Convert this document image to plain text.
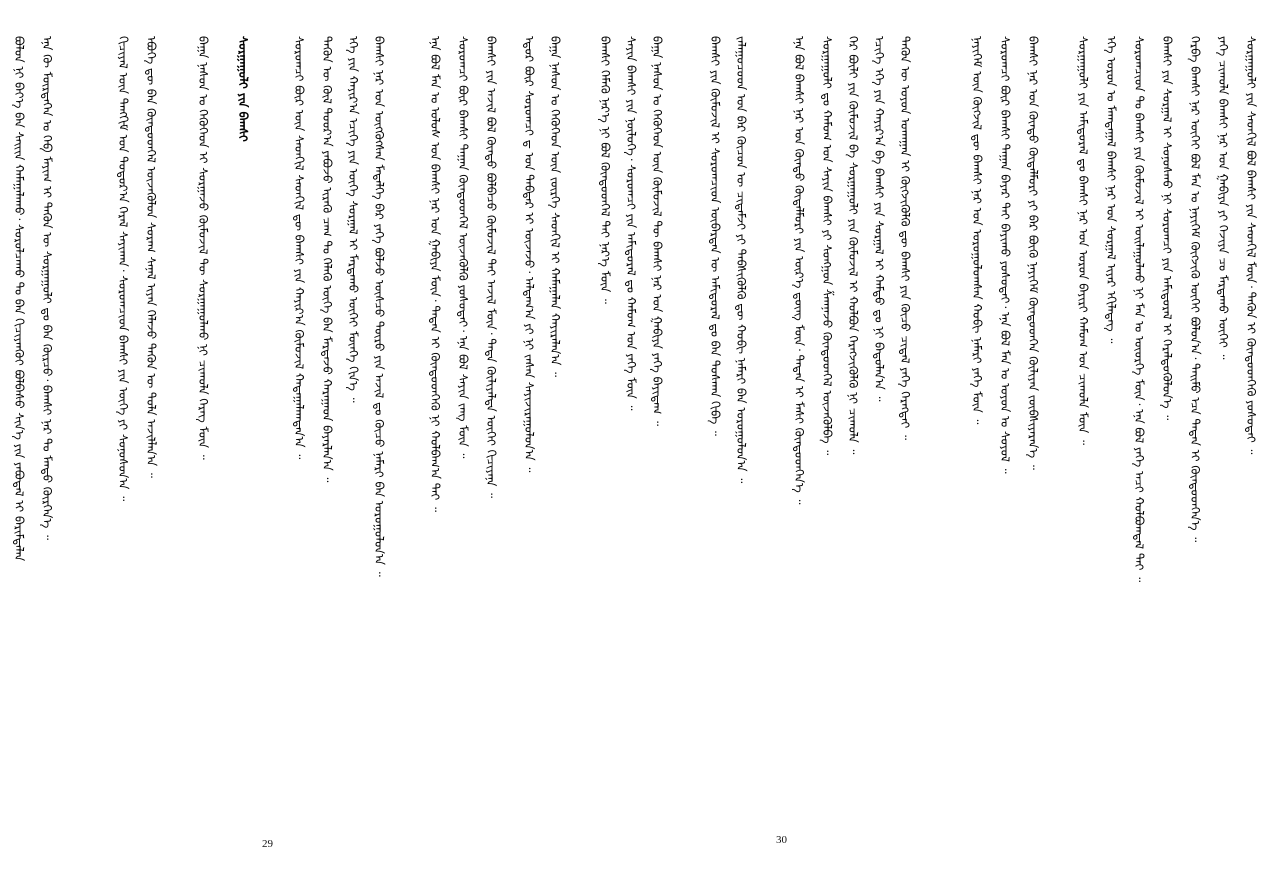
ᠪᠣᠯᠤᠨ ᠨᠢ ᠪᠡᠶ᠎ᠡ ᠪᠡᠨ ᠰᠠᠢᠢᠨ ᠬᠠᠮᠠᠭᠠᠯᠠᠬᠤ᠂ ᠰᠤᠷᠤᠯᠴᠠᠬᠤ ᠲᠤ ᠪᠠᠨ ᠬᠢᠴᠢᠶᠡᠨᠭᠦᠢ ᠪᠣᠯᠪᠠᠰᠤ ᠰᠢᠨ᠎ᠡ ᠶᠢᠨ ᠶᠠᠪᠤᠳᠠᠯ ᠢ ᠪᠠᠷᠢᠮᠲᠠᠯᠠᠨ ᠡᠨᠡ ᠬᠦ ᠮᠦᠷᠲᠡᠭᠡᠨ ᠤ ᠬᠡᠪ ᠮᠠᠶᠢᠭ ᠢ ᠲᠡᠭᠦᠨ ᠦ ᠰᠤᠷᠭᠠᠭᠤᠯᠢ ᠳᠤ ᠪᠠᠨ ᠬᠦᠷᠴᠦ᠂ ᠪᠠᠭᠰᠢ ᠨᠠᠷ ᠲᠤ ᠮᠡᠨᠳᠦ ᠬᠦᠷᠭᠡᠨ᠎ᠡ ᠃	ᠬᠢᠴᠢᠶᠡᠯ ᠦᠨ ᠲᠠᠩᠬᠢᠮ ᠤᠨ ᠳᠣᠳᠣᠷ᠎ᠠ ᠭᠡᠷᠡᠯ ᠰᠠᠶᠢᠬᠠᠨ᠂ ᠰᠤᠷᠤᠭᠴᠢᠳ ᠪᠠᠭᠰᠢ ᠶᠢᠨ ᠦᠭᠡ ᠶᠢ ᠰᠣᠨᠤᠰᠤᠨ᠎ᠠ ᠃ ᠡᠪᠦᠭᠡ ᠳᠦ ᠪᠠᠨ ᠬᠦᠨᠳᠦᠳᠬᠡᠯ ᠦᠵᠡᠭᠦᠯᠦᠨ ᠰᠤᠷᠠᠭ ᠰᠠᠨᠠᠯ ᠢᠶᠠᠨ ᠬᠡᠯᠡᠵᠦ ᠲᠡᠭᠦᠨ ᠦ ᠲᠤᠯᠠ ᠠᠵᠢᠯᠯᠠᠨ᠎ᠠ ᠃	ᠪᠠᠭᠠ ᠨᠠᠰᠤᠨ ᠤ ᠬᠡᠭᠦᠬᠡᠳ ᠢ ᠰᠤᠷᠭᠠᠵᠤ ᠬᠦᠮᠦᠵᠢᠯ ᠲᠦ ᠰᠤᠷᠭᠠᠭᠤᠯᠬᠤ ᠨᠢ ᠴᠢᠬᠤᠯᠠ ᠬᠡᠷᠡᠭ ᠮᠥᠨ ᠃ ᠰᠤᠷᠭᠠᠭᠤᠯᠢ ᠶᠢᠨ ᠪᠠᠭᠰᠢ	ᠰᠤᠷᠤᠭᠴᠢ ᠪᠦᠷ ᠦᠨ ᠰᠡᠳᠬᠢᠯ ᠰᠡᠳᠬᠢᠯ ᠳᠦ ᠪᠠᠭᠰᠢ ᠶᠢᠨ ᠬᠠᠶᠢᠷ᠎ᠠ ᠬᠦᠮᠦᠵᠢᠯ ᠬᠠᠳᠠᠭᠠᠯᠠᠭᠳᠠᠨ᠎ᠠ ᠃ ᠲᠡᠭᠦᠨ ᠦ ᠬᠥᠯ ᠳᠣᠣᠷ᠎ᠠ ᠶᠠᠪᠤᠵᠤ ᠢᠷᠡᠬᠦ ᠴᠠᠭ ᠲᠤ ᠬᠡᠯᠡᠬᠦ ᠦᠭᠡ ᠪᠠᠨ ᠮᠠᠷᠲᠠᠵᠤ ᠬᠠᠷᠠᠭᠠᠳ ᠪᠠᠶᠠᠷᠯᠠᠨ᠎ᠠ ᠃ ᠡᠬᠡ ᠶᠢᠨ ᠬᠠᠶᠢᠷ᠎ᠠ ᠡᠴᠢᠭᠡ ᠶᠢᠨ ᠦᠭᠡ ᠰᠤᠷᠭᠠᠯ ᠢ ᠮᠠᠷᠲᠠᠬᠤ ᠦᠭᠡᠢ ᠮᠥᠨᠬᠡ ᠬᠢᠨ᠎ᠡ ᠃ ᠪᠠᠭᠰᠢ ᠨᠠᠷ ᠤᠨ ᠥᠭᠭᠦᠭᠰᠡᠨ ᠮᠡᠳᠡᠯᠭᠡ ᠪᠠᠷ ᠶᠡᠬᠡ ᠪᠣᠯᠵᠤ ᠥᠰᠴᠦ ᠲᠥᠷᠦ ᠶᠢᠨ ᠠᠵᠢᠯ ᠳᠤ ᠬᠦᠴᠦ ᠨᠡᠮᠡᠷᠢ ᠪᠡᠨ ᠣᠷᠣᠭᠤᠯᠤᠨ᠎ᠠ ᠃	ᠡᠨᠡ ᠪᠣᠯ ᠮᠠᠨ ᠤ ᠤᠯᠤᠰ ᠤᠨ ᠪᠠᠭᠰᠢ ᠨᠠᠷ ᠤᠨ ᠭᠠᠪᠢᠶᠠ ᠮᠥᠨ᠂ ᠲᠡᠳᠡᠨ ᠢ ᠬᠦᠨᠳᠦᠳᠬᠡᠬᠦ ᠨᠢ ᠬᠣᠯᠪᠠᠭ᠎ᠠ ᠲᠠᠢ ᠃ ᠰᠤᠷᠤᠭᠴᠢ ᠪᠦᠷ ᠪᠠᠭᠰᠢ ᠳᠠᠭᠠᠨ ᠬᠦᠨᠳᠦᠳᠬᠡᠯ ᠦᠵᠡᠭᠦᠯᠬᠦ ᠶᠣᠰᠤᠲᠠᠢ᠂ ᠡᠨᠡ ᠪᠣᠯ ᠰᠠᠶᠢᠨ ᠵᠠᠩ ᠮᠥᠨ ᠃ ᠪᠠᠭᠰᠢ ᠶᠢᠨ ᠠᠵᠢᠯ ᠪᠣᠯ ᠬᠦᠨᠳᠦ ᠪᠣᠯᠪᠠᠴᠤ ᠬᠦᠮᠦᠵᠢᠯ ᠲᠡᠢ ᠠᠵᠢᠯ ᠮᠥᠨ᠂ ᠲᠡᠳᠡ ᠬᠦᠯᠢᠶᠡᠯᠲᠡ ᠦᠭᠡᠢ ᠬᠢᠴᠢᠶᠡᠨᠡ ᠃ ᠡᠳᠦᠷ ᠪᠦᠷ ᠰᠤᠷᠤᠭᠴᠢ ᠳ ᠤᠨ ᠳᠡᠪᠲᠡᠷ ᠢ ᠦᠵᠡᠵᠦ᠂ ᠠᠯᠳᠠᠭ᠎ᠠ ᠶᠢ ᠨᠢ ᠵᠠᠰᠠᠨ ᠰᠠᠶᠢᠵᠢᠷᠠᠭᠤᠯᠤᠨ᠎ᠠ ᠃ ᠪᠠᠭᠠ ᠨᠠᠰᠤᠨ ᠤ ᠬᠡᠭᠦᠬᠡᠳ ᠦᠨ ᠵᠦᠷᠭᠡ ᠰᠡᠳᠬᠢᠯ ᠢ ᠬᠠᠮᠠᠭᠠᠯᠠᠨ ᠬᠠᠶᠢᠷᠠᠯᠠᠨ᠎ᠠ ᠃	ᠪᠠᠭᠰᠢ ᠬᠡᠮᠡᠬᠦ ᠨᠡᠷ᠎ᠡ ᠨᠢ ᠪᠣᠯ ᠬᠦᠨᠳᠦᠳᠬᠡᠯ ᠲᠡᠢ ᠨᠡᠷ᠎ᠡ ᠮᠥᠨ ᠃ ᠰᠠᠶᠢᠨ ᠪᠠᠭᠰᠢ ᠶᠢᠨ ᠨᠥᠯᠦᠭᠡ᠂ ᠰᠤᠷᠤᠭᠴᠢ ᠶᠢᠨ ᠠᠮᠢᠳᠤᠷᠠᠯ ᠳᠤ ᠬᠠᠮᠤᠭ ᠤᠨ ᠶᠡᠬᠡ ᠮᠥᠨ ᠃
29
ᠪᠠᠭᠠ ᠨᠠᠰᠤᠨ ᠤ ᠬᠡᠭᠦᠬᠡᠳ ᠦᠨ ᠬᠦᠮᠦᠵᠢᠯ ᠲᠦ ᠪᠠᠭᠰᠢ ᠨᠠᠷ ᠤᠨ ᠭᠠᠪᠢᠶᠠ ᠶᠡᠬᠡ ᠪᠠᠶᠢᠳᠠᠭ ᠃	ᠪᠠᠭᠰᠢ ᠶᠢᠨ ᠬᠦᠮᠦᠵᠢᠯ ᠢ ᠰᠤᠷᠤᠭᠴᠢᠳ ᠥᠪᠡᠷᠲᠡᠨ ᠦ ᠠᠮᠢᠳᠤᠷᠠᠯ ᠳᠤ ᠪᠠᠨ ᠲᠤᠰᠬᠠᠨ ᠬᠢᠪᠡ ᠃ ᠵᠠᠯᠠᠭᠤᠴᠤᠳ ᠤᠨ ᠪᠠᠷ ᠬᠦᠴᠦᠨ ᠦ ᠴᠢᠳᠠᠮᠵᠢ ᠶᠢ ᠳᠡᠪᠰᠢᠭᠦᠯᠬᠦ ᠳᠦ ᠬᠤᠪᠢ ᠨᠡᠮᠡᠷᠢ ᠪᠡᠨ ᠣᠷᠣᠭᠤᠯᠤᠨ᠎ᠠ ᠃	ᠡᠨᠡ ᠪᠣᠯ ᠪᠠᠭᠰᠢ ᠨᠠᠷ ᠤᠨ ᠬᠦᠨᠳᠦ ᠬᠥᠳᠡᠯᠮᠦᠷᠢ ᠶᠢᠨ ᠦᠷ᠎ᠡ ᠳ᠋ᠦᠩ ᠮᠥᠨ᠂ ᠲᠡᠳᠡᠨ ᠢ ᠮᠠᠰᠢ ᠬᠦᠨᠳᠦᠳᠬᠡᠨ᠎ᠡ ᠃ ᠰᠤᠷᠭᠠᠭᠤᠯᠢ ᠳᠤ ᠬᠠᠮᠤᠭ ᠤᠨ ᠰᠠᠶᠢᠨ ᠪᠠᠭᠰᠢ ᠶᠢ ᠰᠣᠩᠭᠤᠨ ᠱᠠᠭᠨᠠᠵᠤ ᠬᠦᠨᠳᠦᠳᠬᠡᠯ ᠦᠵᠡᠭᠦᠯᠪᠡ ᠃ ᠭᠡᠷ ᠪᠦᠯᠢ ᠶᠢᠨ ᠬᠦᠮᠦᠵᠢᠯ ᠪᠠ ᠰᠤᠷᠭᠠᠭᠤᠯᠢ ᠶᠢᠨ ᠬᠦᠮᠦᠵᠢᠯ ᠢ ᠬᠣᠯᠪᠣᠨ ᠬᠡᠷᠡᠭᠵᠢᠭᠦᠯᠬᠦ ᠨᠢ ᠴᠢᠬᠤᠯᠠ ᠃ ᠡᠴᠢᠭᠡ ᠡᠬᠡ ᠶᠢᠨ ᠬᠠᠶᠢᠷ᠎ᠠ ᠪᠠ ᠪᠠᠭᠰᠢ ᠶᠢᠨ ᠰᠤᠷᠭᠠᠯ ᠢ ᠬᠠᠮᠲᠤ ᠳᠤ ᠨᠢ ᠪᠠᠲᠤᠯᠠᠨ᠎ᠠ ᠃ ᠲᠡᠭᠦᠨ ᠦ ᠣᠶᠤᠨ ᠤᠬᠠᠭᠠᠨ ᠢ ᠬᠥᠭᠵᠢᠭᠦᠯᠬᠦ ᠳᠦ ᠪᠠᠭᠰᠢ ᠶᠢᠨ ᠬᠦᠴᠦ ᠴᠢᠳᠠᠯ ᠶᠡᠬᠡ ᠬᠡᠷᠡᠭᠲᠡᠢ ᠃	ᠨᠡᠶᠢᠭᠡᠮ ᠦᠨ ᠬᠥᠭᠵᠢᠯ ᠳᠦ ᠪᠠᠭᠰᠢ ᠨᠠᠷ ᠤᠨ ᠣᠷᠣᠭᠤᠯᠤᠭᠰᠠᠨ ᠬᠤᠪᠢ ᠨᠡᠮᠡᠷᠢ ᠶᠡᠬᠡ ᠮᠥᠨ ᠃ ᠰᠤᠷᠤᠭᠴᠢ ᠪᠦᠷ ᠪᠠᠭᠰᠢ ᠳᠠᠭᠠᠨ ᠪᠠᠶᠠᠷ ᠲᠡᠢ ᠪᠠᠶᠢᠬᠤ ᠶᠣᠰᠤᠲᠠᠢ᠂ ᠡᠨᠡ ᠪᠣᠯ ᠮᠠᠨ ᠤ ᠣᠶᠤᠨ ᠤ ᠰᠣᠶᠣᠯ ᠃ ᠪᠠᠭᠰᠢ ᠨᠠᠷ ᠤᠨ ᠬᠦᠨᠳᠦ ᠬᠥᠳᠡᠯᠮᠦᠷᠢ ᠶᠢ ᠪᠠᠷ ᠪᠥᠬᠦ ᠨᠡᠶᠢᠭᠡᠮ ᠬᠦᠨᠳᠦᠳᠬᠡᠨ ᠬᠦᠯᠢᠶᠡᠨ ᠵᠥᠪᠰᠢᠶᠡᠷᠡᠨ᠎ᠡ ᠃	ᠰᠤᠷᠭᠠᠭᠤᠯᠢ ᠶᠢᠨ ᠠᠮᠢᠳᠤᠷᠠᠯ ᠳᠤ ᠪᠠᠭᠰᠢ ᠨᠠᠷ ᠤᠨ ᠣᠷᠣᠨ ᠪᠠᠶᠢᠷᠢ ᠬᠠᠮᠤᠭ ᠤᠨ ᠴᠢᠬᠤᠯᠠ ᠮᠥᠨ ᠃ ᠡᠬᠡ ᠣᠷᠣᠨ ᠤ ᠮᠠᠭᠲᠠᠭᠠᠯ ᠪᠠᠭᠰᠢ ᠨᠠᠷ ᠤᠨ ᠰᠤᠷᠭᠠᠯ ᠢᠶᠠᠷ ᠡᠬᠢᠯᠡᠳᠡᠭ ᠃ ᠰᠤᠷᠤᠭᠴᠢᠳ ᠲᠤ ᠪᠠᠭᠰᠢ ᠶᠢᠨ ᠬᠦᠮᠦᠵᠢᠯ ᠢ ᠣᠢᠯᠠᠭᠤᠯᠬᠤ ᠨᠢ ᠮᠠᠨ ᠤ ᠦᠦᠷᠭᠡ ᠮᠥᠨ᠂ ᠡᠨᠡ ᠪᠣᠯ ᠶᠡᠬᠡ ᠠᠴᠢ ᠬᠣᠯᠪᠣᠭᠳᠠᠯ ᠲᠠᠢ ᠃ ᠪᠠᠭᠰᠢ ᠶᠢᠨ ᠰᠤᠷᠭᠠᠯ ᠢ ᠰᠣᠨᠤᠰᠬᠤ ᠨᠢ ᠰᠤᠷᠤᠭᠴᠢ ᠶᠢᠨ ᠠᠮᠢᠳᠤᠷᠠᠯ ᠢ ᠭᠡᠷᠡᠯᠲᠦᠭᠦᠯᠦᠨ᠎ᠡ ᠃ ᠬᠡᠷᠪᠡ ᠪᠠᠭᠰᠢ ᠨᠠᠷ ᠦᠭᠡᠢ ᠪᠣᠯ ᠮᠠᠨ ᠤ ᠨᠡᠶᠢᠭᠡᠮ ᠬᠥᠭᠵᠢᠬᠦ ᠦᠭᠡᠢ ᠪᠣᠯᠤᠨ᠎ᠠ᠂ ᠲᠡᠢᠮᠦ ᠡᠴᠡ ᠲᠡᠳᠡᠨ ᠢ ᠬᠦᠨᠳᠦᠳᠬᠡᠨ᠎ᠡ ᠃ ᠶᠡᠬᠡ ᠴᠢᠬᠤᠯᠠ ᠪᠠᠭᠰᠢ ᠨᠠᠷ ᠤᠨ ᠭᠠᠪᠢᠶᠠ ᠶᠢ ᠬᠡᠵᠢᠶᠡ ᠴᠤ ᠮᠠᠷᠲᠠᠬᠤ ᠦᠭᠡᠢ ᠃ ᠰᠤᠷᠭᠠᠭᠤᠯᠢ ᠶᠢᠨ ᠰᠡᠳᠬᠢᠯ ᠪᠣᠯ ᠪᠠᠭᠰᠢ ᠶᠢᠨ ᠰᠡᠳᠬᠢᠯ ᠮᠥᠨ᠂ ᠲᠡᠭᠦᠨ ᠢ ᠬᠦᠨᠳᠦᠳᠬᠡᠬᠦ ᠶᠣᠰᠤᠲᠠᠢ ᠃
30
